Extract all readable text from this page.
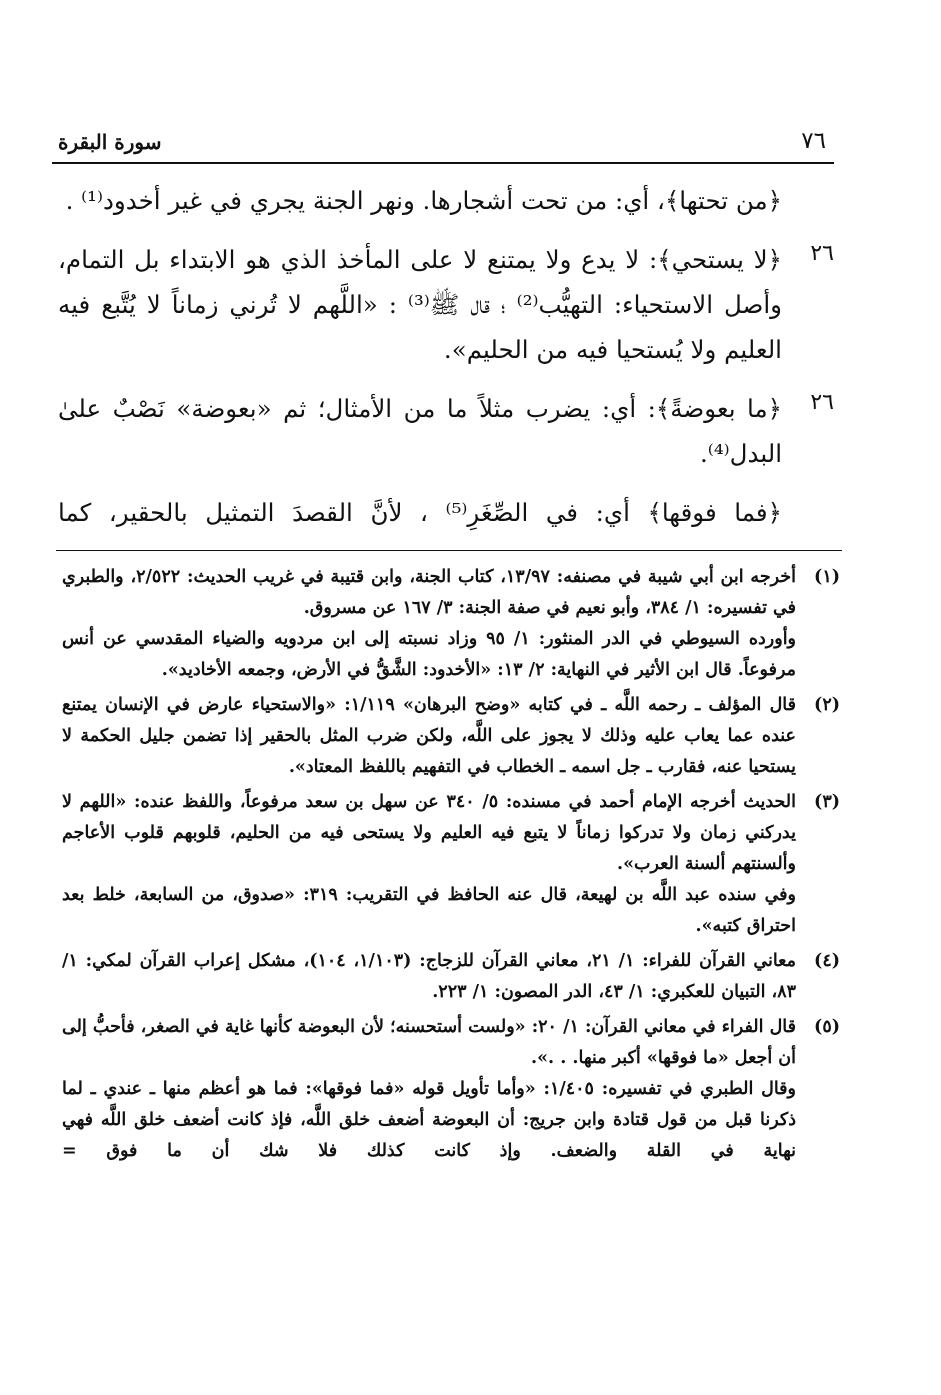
٧٦
سورة البقرة

﴿من تحتها﴾، أي: من تحت أشجارها. ونهر الجنة يجري في غير أخدود⁽¹⁾ .

٢٦

﴿لا يستحي﴾: لا يدع ولا يمتنع لا على المأخذ الذي هو الابتداء بل التمام، وأصل الاستحياء: التهيُّب⁽²⁾ ؛ قال ﷺ⁽³⁾ : «اللَّهم لا تُرني زماناً لا يُتَّبع فيه العليم ولا يُستحيا فيه من الحليم».

٢٦

﴿ما بعوضةً﴾: أي: يضرب مثلاً ما من الأمثال؛ ثم «بعوضة» نَصْبٌ علىٰ البدل⁽⁴⁾.

﴿فما فوقها﴾ أي: في الصِّغَرِ⁽⁵⁾ ، لأنَّ القصدَ التمثيل بالحقير، كما

(١)

أخرجه ابن أبي شيبة في مصنفه: ١٣/٩٧، كتاب الجنة، وابن قتيبة في غريب الحديث: ٢/٥٢٢، والطبري في تفسيره: ١/ ٣٨٤، وأبو نعيم في صفة الجنة: ٣/ ١٦٧ عن مسروق.

وأورده السيوطي في الدر المنثور: ١/ ٩٥ وزاد نسبته إلى ابن مردويه والضياء المقدسي عن أنس مرفوعاً. قال ابن الأثير في النهاية: ٢/ ١٣: «الأخدود: الشَّقُّ في الأرض، وجمعه الأخاديد».

(٢)

قال المؤلف ـ رحمه اللَّه ـ في كتابه «وضح البرهان» ١/١١٩: «والاستحياء عارض في الإنسان يمتنع عنده عما يعاب عليه وذلك لا يجوز على اللَّه، ولكن ضرب المثل بالحقير إذا تضمن جليل الحكمة لا يستحيا عنه، فقارب ـ جل اسمه ـ الخطاب في التفهيم باللفظ المعتاد».

(٣)

الحديث أخرجه الإمام أحمد في مسنده: ٥/ ٣٤٠ عن سهل بن سعد مرفوعاً، واللفظ عنده: «اللهم لا يدركني زمان ولا تدركوا زماناً لا يتبع فيه العليم ولا يستحى فيه من الحليم، قلوبهم قلوب الأعاجم وألسنتهم ألسنة العرب».

وفي سنده عبد اللَّه بن لهيعة، قال عنه الحافظ في التقريب: ٣١٩: «صدوق، من السابعة، خلط بعد احتراق كتبه».

(٤)

معاني القرآن للفراء: ١/ ٢١، معاني القرآن للزجاج: (١/١٠٣، ١٠٤)، مشكل إعراب القرآن لمكي: ١/ ٨٣، التبيان للعكبري: ١/ ٤٣، الدر المصون: ١/ ٢٢٣.

(٥)

قال الفراء في معاني القرآن: ١/ ٢٠: «ولست أستحسنه؛ لأن البعوضة كأنها غاية في الصغر، فأحبُّ إلى أن أجعل «ما فوقها» أكبر منها. . .».

وقال الطبري في تفسيره: ١/٤٠٥: «وأما تأويل قوله «فما فوقها»: فما هو أعظم منها ـ عندي ـ لما ذكرنا قبل من قول قتادة وابن جريج: أن البعوضة أضعف خلق اللَّه، فإذ كانت أضعف خلق اللَّه فهي نهاية في القلة والضعف. وإذ كانت كذلك فلا شك أن ما فوق =
